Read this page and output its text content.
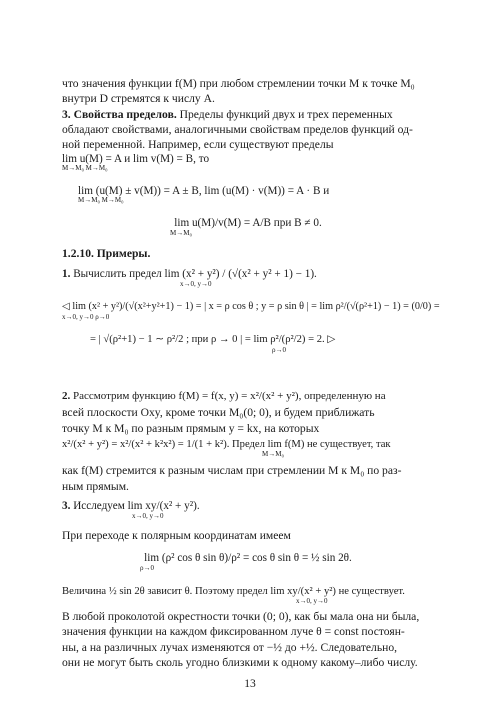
что значения функции f(M) при любом стремлении точки M к точке M₀

внутри D стремятся к числу A.

3. Свойства пределов. Пределы функций двух и трех переменных

обладают свойствами, аналогичными свойствам пределов функций од-

ной переменной. Например, если существуют пределы

lim u(M) = A и lim v(M) = B, то

M→M₀ M→M₀

lim (u(M) ± v(M)) = A ± B, lim (u(M) · v(M)) = A · B и

M→M₀ M→M₀

lim u(M)/v(M) = A/B при B ≠ 0.

M→M₀

1.2.10. Примеры.

1. Вычислить предел lim (x² + y²) / (√(x² + y² + 1) − 1).

x→0, y→0

◁ lim (x² + y²)/(√(x²+y²+1) − 1) = | x = ρ cos θ ; y = ρ sin θ | = lim ρ²/(√(ρ²+1) − 1) = (0/0) =

x→0, y→0 ρ→0

= | √(ρ²+1) − 1 ∼ ρ²/2 ; при ρ → 0 | = lim ρ²/(ρ²/2) = 2. ▷

ρ→0

2. Рассмотрим функцию f(M) = f(x, y) = x²/(x² + y²), определенную на

всей плоскости Oxy, кроме точки M₀(0; 0), и будем приближать

точку M к M₀ по разным прямым y = kx, на которых

x²/(x² + y²) = x²/(x² + k²x²) = 1/(1 + k²). Предел lim f(M) не существует, так

M→M₀

как f(M) стремится к разным числам при стремлении M к M₀ по раз-

ным прямым.

3. Исследуем lim xy/(x² + y²).

x→0, y→0

При переходе к полярным координатам имеем

lim (ρ² cos θ sin θ)/ρ² = cos θ sin θ = ½ sin 2θ.

ρ→0

Величина ½ sin 2θ зависит θ. Поэтому предел lim xy/(x² + y²) не существует.

x→0, y→0

В любой проколотой окрестности точки (0; 0), как бы мала она ни была,

значения функции на каждом фиксированном луче θ = const постоян-

ны, а на различных лучах изменяются от −½ до +½. Следовательно,

13

они не могут быть сколь угодно близкими к одному какому–либо числу.
